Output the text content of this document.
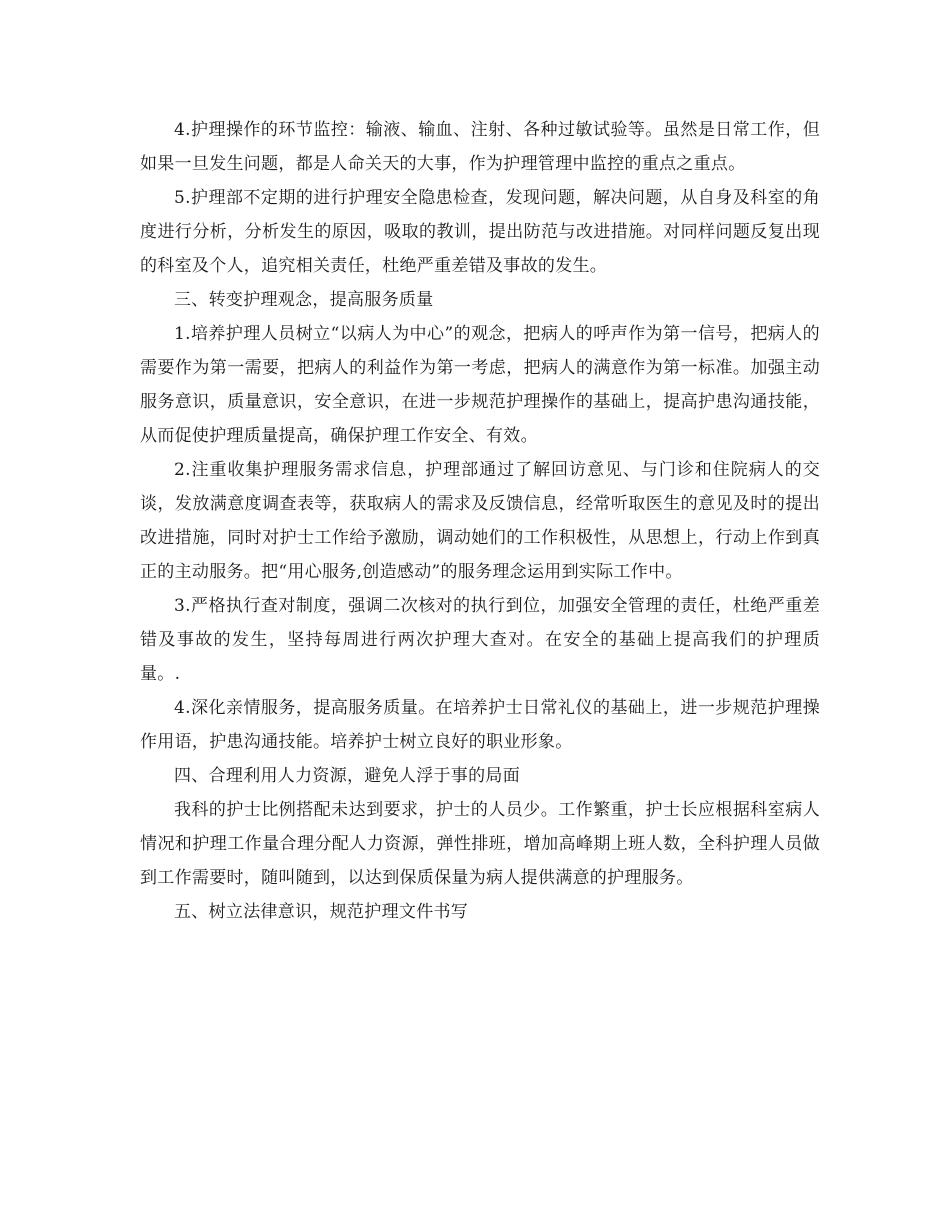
4.护理操作的环节监控：输液、输血、注射、各种过敏试验等。虽然是日常工作，但如果一旦发生问题，都是人命关天的大事，作为护理管理中监控的重点之重点。

5.护理部不定期的进行护理安全隐患检查，发现问题，解决问题，从自身及科室的角度进行分析，分析发生的原因，吸取的教训，提出防范与改进措施。对同样问题反复出现的科室及个人，追究相关责任，杜绝严重差错及事故的发生。

三、转变护理观念，提高服务质量

1.培养护理人员树立“以病人为中心”的观念，把病人的呼声作为第一信号，把病人的需要作为第一需要，把病人的利益作为第一考虑，把病人的满意作为第一标准。加强主动服务意识，质量意识，安全意识，在进一步规范护理操作的基础上，提高护患沟通技能，从而促使护理质量提高，确保护理工作安全、有效。

2.注重收集护理服务需求信息，护理部通过了解回访意见、与门诊和住院病人的交谈，发放满意度调查表等，获取病人的需求及反馈信息，经常听取医生的意见及时的提出改进措施，同时对护士工作给予激励，调动她们的工作积极性，从思想上，行动上作到真正的主动服务。把“用心服务,创造感动”的服务理念运用到实际工作中。

3.严格执行查对制度，强调二次核对的执行到位，加强安全管理的责任，杜绝严重差错及事故的发生，坚持每周进行两次护理大查对。在安全的基础上提高我们的护理质量。.

4.深化亲情服务，提高服务质量。在培养护士日常礼仪的基础上，进一步规范护理操作用语，护患沟通技能。培养护士树立良好的职业形象。

四、合理利用人力资源，避免人浮于事的局面

我科的护士比例搭配未达到要求，护士的人员少。工作繁重，护士长应根据科室病人情况和护理工作量合理分配人力资源，弹性排班，增加高峰期上班人数，全科护理人员做到工作需要时，随叫随到，以达到保质保量为病人提供满意的护理服务。

五、树立法律意识，规范护理文件书写
